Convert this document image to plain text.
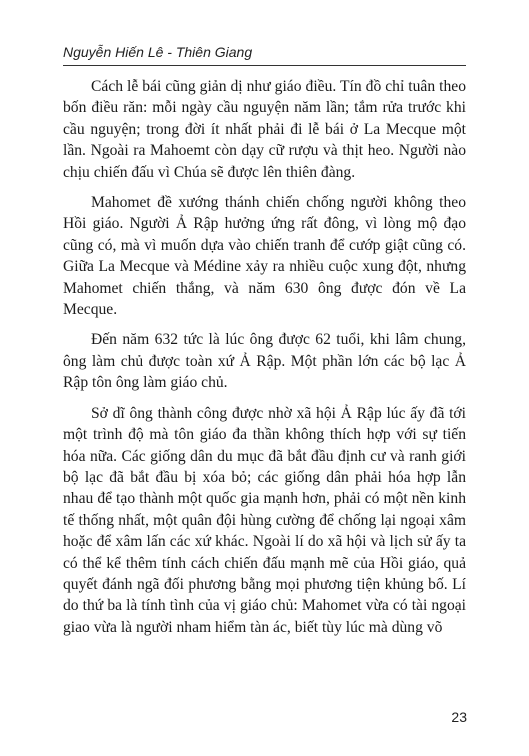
Nguyễn Hiến Lê - Thiên Giang

Cách lễ bái cũng giản dị như giáo điều. Tín đồ chỉ tuân theo bốn điều răn: mỗi ngày cầu nguyện năm lần; tắm rửa trước khi cầu nguyện; trong đời ít nhất phải đi lễ bái ở La Mecque một lần. Ngoài ra Mahoemt còn dạy cữ rượu và thịt heo. Người nào chịu chiến đấu vì Chúa sẽ được lên thiên đàng.

Mahomet đề xướng thánh chiến chống người không theo Hồi giáo. Người Ả Rập hưởng ứng rất đông, vì lòng mộ đạo cũng có, mà vì muốn dựa vào chiến tranh để cướp giật cũng có. Giữa La Mecque và Médine xảy ra nhiều cuộc xung đột, nhưng Mahomet chiến thắng, và năm 630 ông được đón về La Mecque.

Đến năm 632 tức là lúc ông được 62 tuổi, khi lâm chung, ông làm chủ được toàn xứ Ả Rập. Một phần lớn các bộ lạc Ả Rập tôn ông làm giáo chủ.

Sở dĩ ông thành công được nhờ xã hội Ả Rập lúc ấy đã tới một trình độ mà tôn giáo đa thần không thích hợp với sự tiến hóa nữa. Các giống dân du mục đã bắt đầu định cư và ranh giới bộ lạc đã bắt đầu bị xóa bỏ; các giống dân phải hóa hợp lẫn nhau để tạo thành một quốc gia mạnh hơn, phải có một nền kinh tế thống nhất, một quân đội hùng cường để chống lại ngoại xâm hoặc để xâm lấn các xứ khác. Ngoài lí do xã hội và lịch sử ấy ta có thể kể thêm tính cách chiến đấu mạnh mẽ của Hồi giáo, quả quyết đánh ngã đối phương bằng mọi phương tiện khủng bố. Lí do thứ ba là tính tình của vị giáo chủ: Mahomet vừa có tài ngoại giao vừa là người nham hiểm tàn ác, biết tùy lúc mà dùng võ

23
